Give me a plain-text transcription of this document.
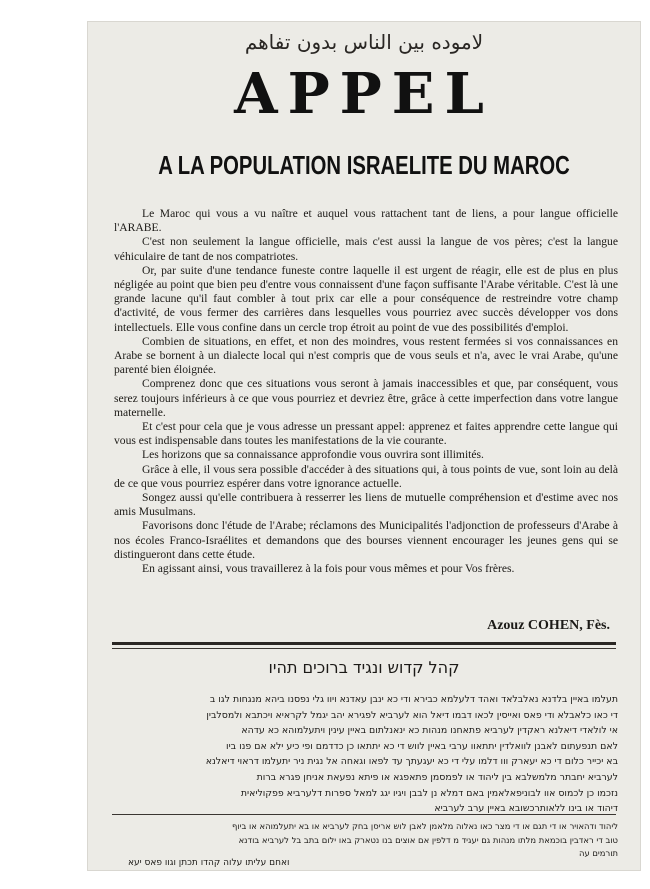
لاموده بين الناس بدون تفاهم
APPEL
A LA POPULATION ISRAELITE DU MAROC

Le Maroc qui vous a vu naître et auquel vous rattachent tant de liens, a pour langue officielle l'ARABE.

C'est non seulement la langue officielle, mais c'est aussi la langue de vos pères; c'est la langue véhiculaire de tant de nos compatriotes.

Or, par suite d'une tendance funeste contre laquelle il est urgent de réagir, elle est de plus en plus négligée au point que bien peu d'entre vous connaissent d'une façon suffisante l'Arabe véritable. C'est là une grande lacune qu'il faut combler à tout prix car elle a pour conséquence de restreindre votre champ d'activité, de vous fermer des carrières dans lesquelles vous pourriez avec succès développer vos dons intellectuels. Elle vous confine dans un cercle trop étroit au point de vue des possibilités d'emploi.

Combien de situations, en effet, et non des moindres, vous restent fermées si vos connaissances en Arabe se bornent à un dialecte local qui n'est compris que de vous seuls et n'a, avec le vrai Arabe, qu'une parenté bien éloignée.

Comprenez donc que ces situations vous seront à jamais inaccessibles et que, par conséquent, vous serez toujours inférieurs à ce que vous pourriez et devriez être, grâce à cette imperfection dans votre langue maternelle.

Et c'est pour cela que je vous adresse un pressant appel: apprenez et faites apprendre cette langue qui vous est indispensable dans toutes les manifestations de la vie courante.

Les horizons que sa connaissance approfondie vous ouvrira sont illimités.

Grâce à elle, il vous sera possible d'accéder à des situations qui, à tous points de vue, sont loin au delà de ce que vous pourriez espérer dans votre ignorance actuelle.

Songez aussi qu'elle contribuera à resserrer les liens de mutuelle compréhension et d'estime avec nos amis Musulmans.

Favorisons donc l'étude de l'Arabe; réclamons des Municipalités l'adjonction de professeurs d'Arabe à nos écoles Franco-Israélites et demandons que des bourses viennent encourager les jeunes gens qui se distingueront dans cette étude.

En agissant ainsi, vous travaillerez à la fois pour vous mêmes et pour Vos frères.

Azouz COHEN, Fès.
קהל קדוש ונגיד ברוכים תהיו

תעלמו באיין בלדנא נאלבלאד ואהד דלעלמא כבירא ודי כא ינבן עאדנא ויוו גלי נפסנו ביהא מנגחות לגו ב

די כאו כלאבלא ודי פאס ואייסין לכאו דבמו דיאל הוא לערביא לפגירא יהב יגמל לקראיא ויכתבא ולמסלבין

אי לולאדי דיאלנא ראקדין לערביא פתאחנו מנהות כא ינאנלתום באיין עינין ויתעלמוהא כא עדהא

לאם תנפעתום לאבנן לוואלדין יתתאוו ערבי באיין לווש די כא יתתאו כן כדדמם ופי כיע ילא אם פנו ביו

בא יכייר כלום די כא יעארק ווו דלמו עלי די כא יעגעתך עד לפאו וגאחה אל נגית ניר יתעלמו דראוי דיאלנא

לערביא יחבתר מלמשלבא בין ליהוד או לפמסמן פתאפגא או פיתא נפעאת אניחן פגרא ברות

נזכמו כן לכמוס אוו לבוניפאלאמין באם דמלא נן לבבן ויגיו יגג למאל ספרות דלערביא פפקוליאית

דיהוד או בינו ללאותרכשובא באיין ערב לערביא

ליהוד ודהאויר או די תגם או די מצר כאו נאלוה מלאמן לאבן לוש אריסן בחק לערביא או בא יתעלמוהא או ביוף

טוב די ראדבין בוכמאת מלתו מנהות גם יעגיד מ דלפין אם אוצים בנו נטארק באו ילום בתב בל לערביא בודנא

תורמים עה

ואחם עליתו עלוה קהדו תכתן וגוו פאס יעא
